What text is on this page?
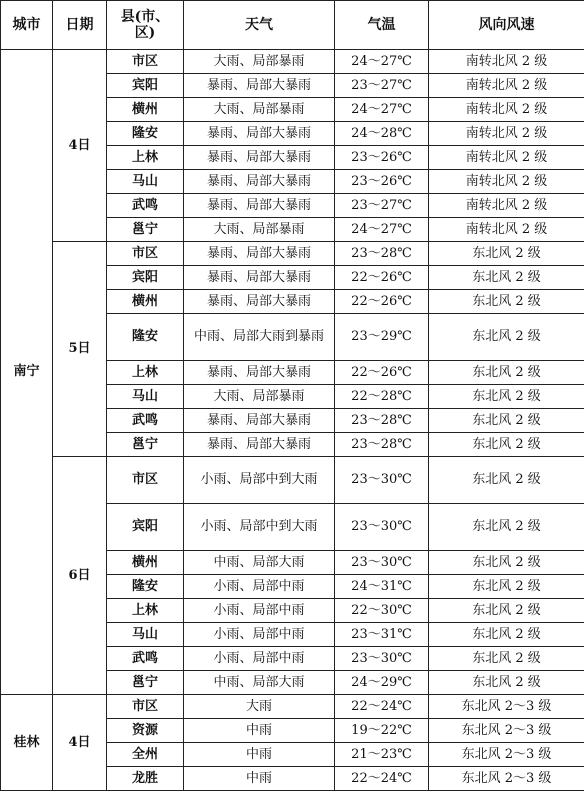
城市	日期	县(市、区)	天气	气温	风向风速
南宁	4日	市区	大雨、局部暴雨	24～27℃	南转北风 2 级

		宾阳	暴雨、局部大暴雨	23～27℃	南转北风 2 级

		横州	大雨、局部暴雨	24～27℃	南转北风 2 级

		隆安	暴雨、局部大暴雨	24～28℃	南转北风 2 级

		上林	暴雨、局部大暴雨	23～26℃	南转北风 2 级

		马山	暴雨、局部大暴雨	23～26℃	南转北风 2 级

		武鸣	暴雨、局部大暴雨	23～27℃	南转北风 2 级

		邕宁	大雨、局部暴雨	24～27℃	南转北风 2 级

	5日	市区	暴雨、局部大暴雨	23～28℃	东北风 2 级

		宾阳	暴雨、局部大暴雨	22～26℃	东北风 2 级

		横州	暴雨、局部大暴雨	22～26℃	东北风 2 级

		隆安	中雨、局部大雨到暴雨	23～29℃	东北风 2 级

		上林	暴雨、局部大暴雨	22～26℃	东北风 2 级

		马山	大雨、局部暴雨	22～28℃	东北风 2 级

		武鸣	暴雨、局部大暴雨	23～28℃	东北风 2 级

		邕宁	暴雨、局部大暴雨	23～28℃	东北风 2 级

	6日	市区	小雨、局部中到大雨	23～30℃	东北风 2 级

		宾阳	小雨、局部中到大雨	23～30℃	东北风 2 级

		横州	中雨、局部大雨	23～30℃	东北风 2 级

		隆安	小雨、局部中雨	24～31℃	东北风 2 级

		上林	小雨、局部中雨	22～30℃	东北风 2 级

		马山	小雨、局部中雨	23～31℃	东北风 2 级

		武鸣	小雨、局部中雨	23～30℃	东北风 2 级

		邕宁	中雨、局部大雨	24～29℃	东北风 2 级

桂林	4日	市区	大雨	22～24℃	东北风 2～3 级

		资源	中雨	19～22℃	东北风 2～3 级

		全州	中雨	21～23℃	东北风 2～3 级

		龙胜	中雨	22～24℃	东北风 2～3 级
